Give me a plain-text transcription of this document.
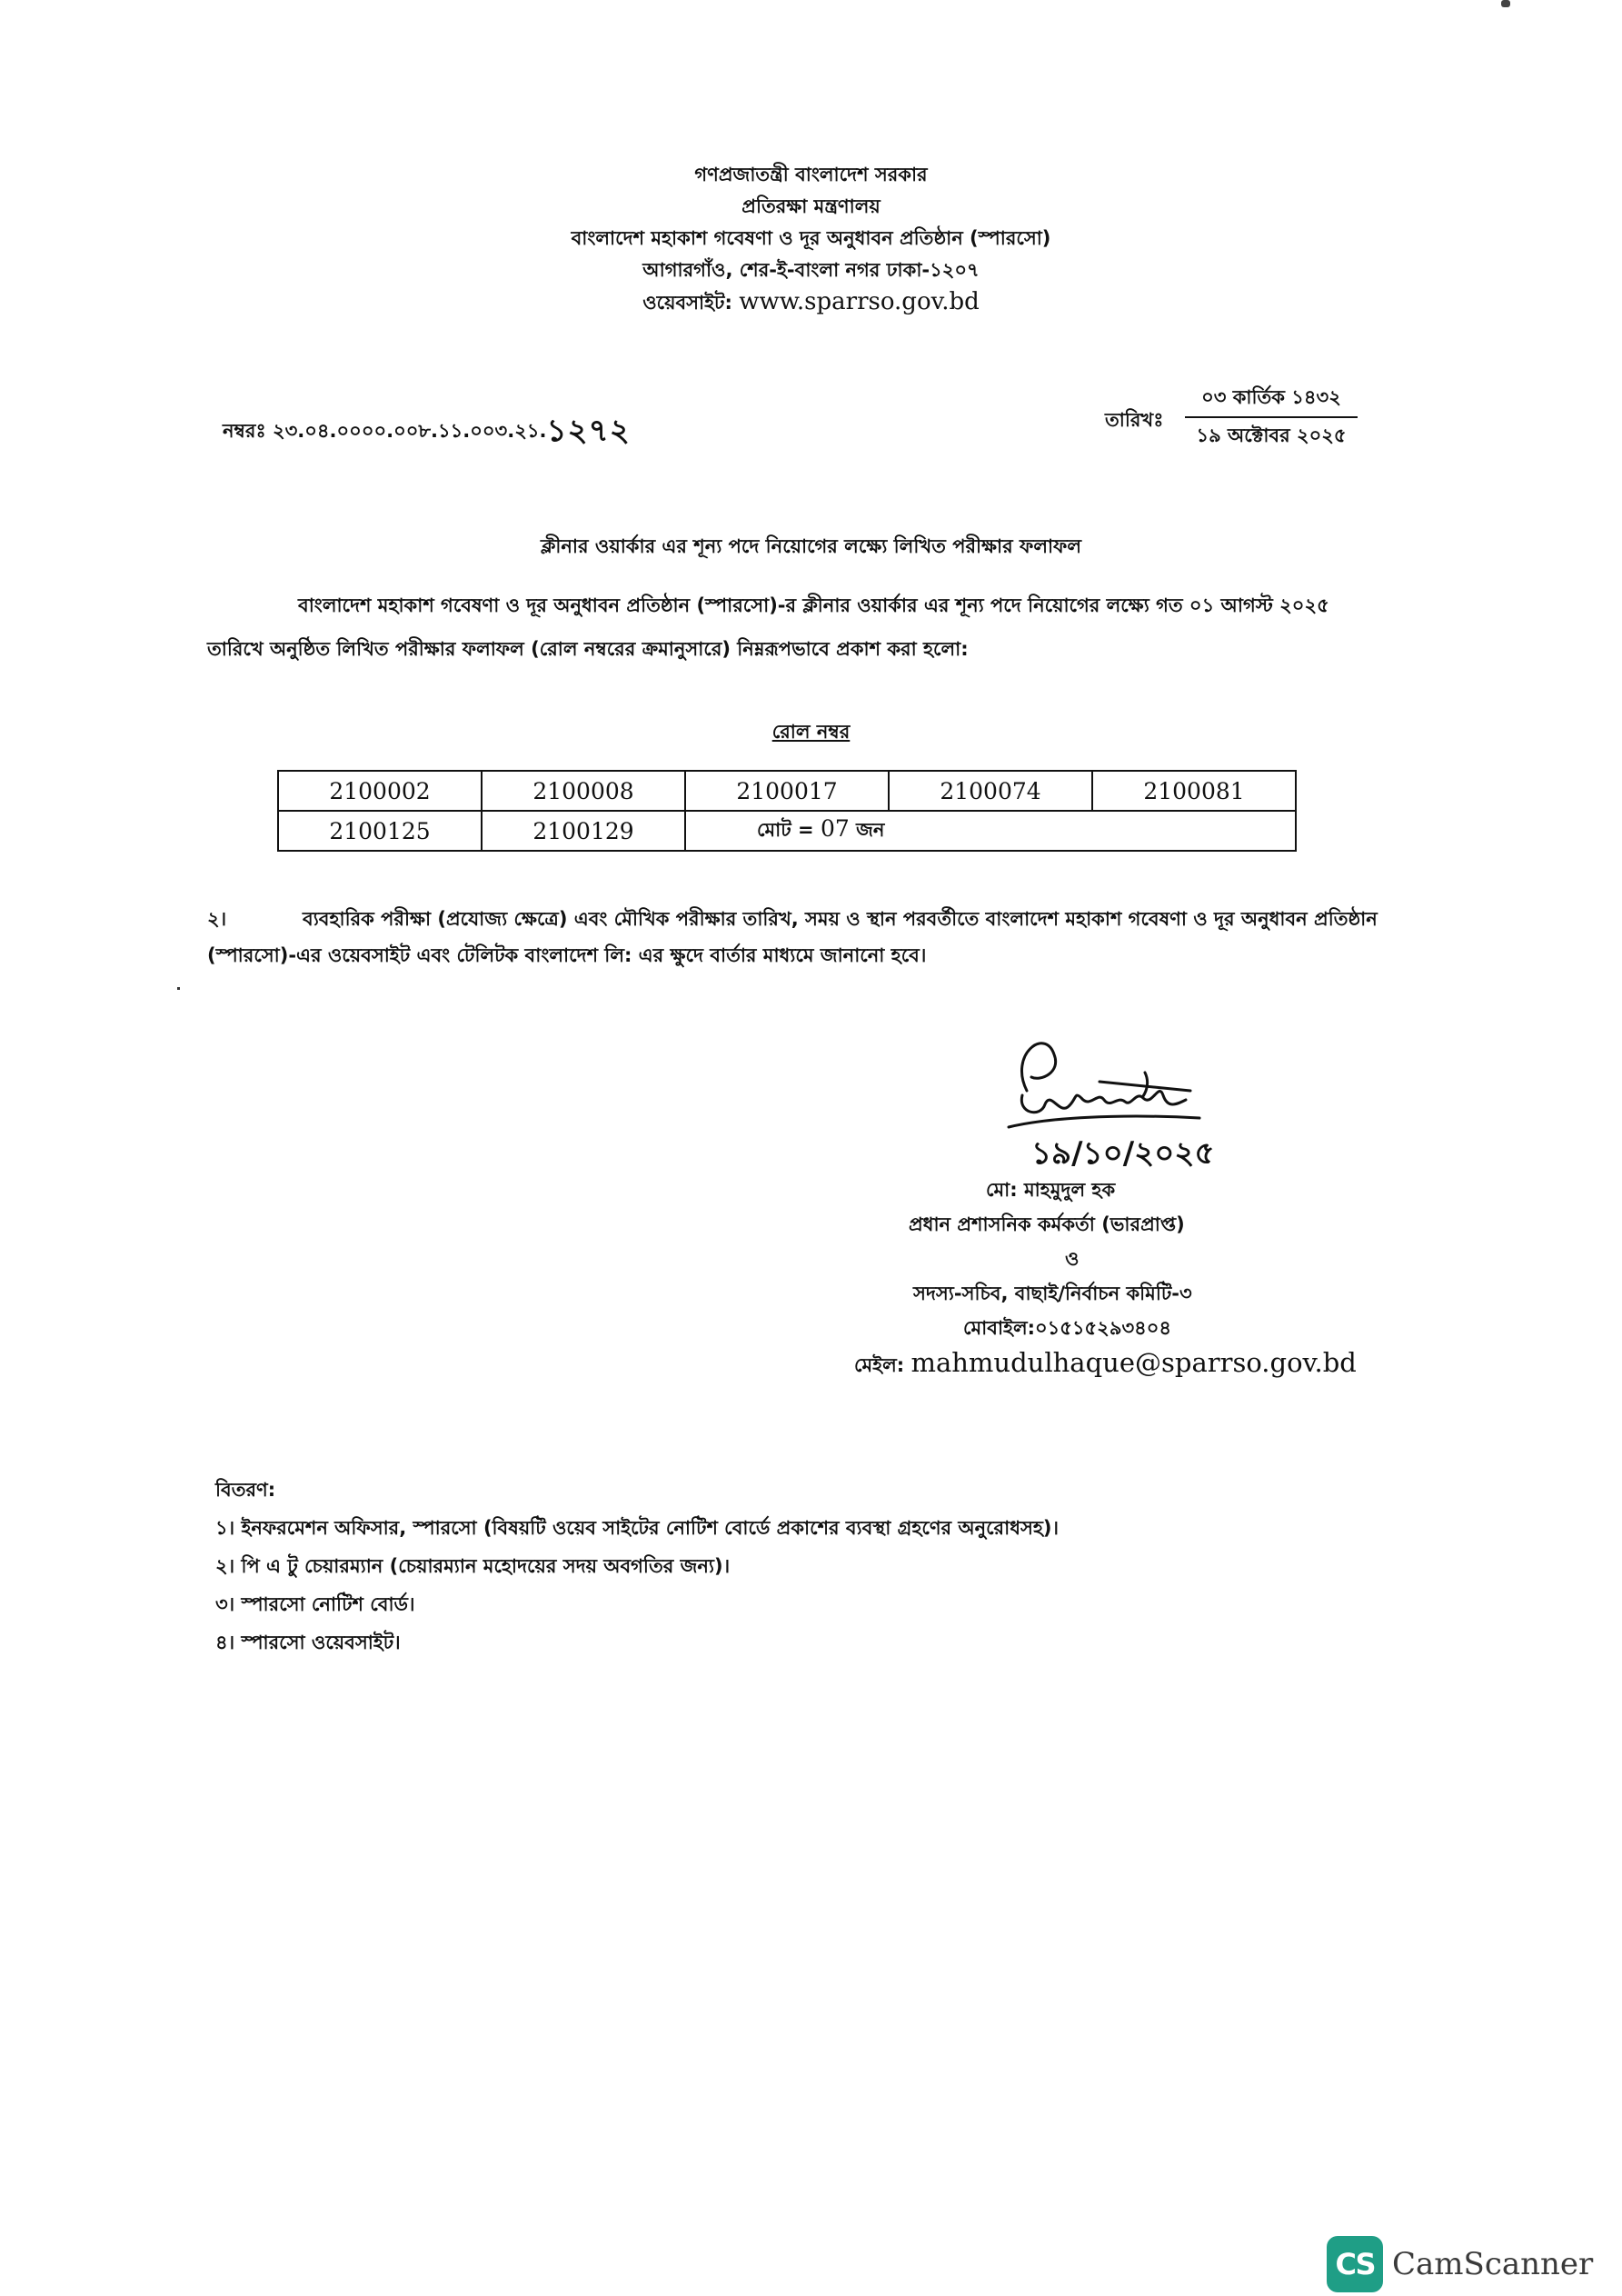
গণপ্রজাতন্ত্রী বাংলাদেশ সরকার
প্রতিরক্ষা মন্ত্রণালয়
বাংলাদেশ মহাকাশ গবেষণা ও দূর অনুধাবন প্রতিষ্ঠান (স্পারসো)
আগারগাঁও, শের-ই-বাংলা নগর ঢাকা-১২০৭
ওয়েবসাইট: www.sparrso.gov.bd
নম্বরঃ ২৩.০৪.০০০০.০০৮.১১.০০৩.২১.১২৭২	তারিখঃ
০৩ কার্তিক ১৪৩২
১৯ অক্টোবর ২০২৫
ক্লীনার ওয়ার্কার এর শূন্য পদে নিয়োগের লক্ষ্যে লিখিত পরীক্ষার ফলাফল
বাংলাদেশ মহাকাশ গবেষণা ও দূর অনুধাবন প্রতিষ্ঠান (স্পারসো)-র ক্লীনার ওয়ার্কার এর শূন্য পদে নিয়োগের লক্ষ্যে গত ০১ আগস্ট ২০২৫ তারিখে অনুষ্ঠিত লিখিত পরীক্ষার ফলাফল (রোল নম্বরের ক্রমানুসারে) নিম্নরূপভাবে প্রকাশ করা হলো:
রোল নম্বর
2100002	2100008	2100017	2100074	2100081
2100125	2100129	মোট = 07 জন		
২।	ব্যবহারিক পরীক্ষা (প্রযোজ্য ক্ষেত্রে) এবং মৌখিক পরীক্ষার তারিখ, সময় ও স্থান পরবর্তীতে বাংলাদেশ মহাকাশ গবেষণা ও দূর অনুধাবন প্রতিষ্ঠান (স্পারসো)-এর ওয়েবসাইট এবং টেলিটক বাংলাদেশ লি: এর ক্ষুদে বার্তার মাধ্যমে জানানো হবে।
১৯/১০/২০২৫
মো: মাহমুদুল হক
প্রধান প্রশাসনিক কর্মকর্তা (ভারপ্রাপ্ত)
ও
সদস্য-সচিব, বাছাই/নির্বাচন কমিটি-৩
মোবাইল:০১৫১৫২৯৩৪০৪
মেইল: mahmudulhaque@sparrso.gov.bd
বিতরণ:
১। ইনফরমেশন অফিসার, স্পারসো (বিষয়টি ওয়েব সাইটের নোটিশ বোর্ডে প্রকাশের ব্যবস্থা গ্রহণের অনুরোধসহ)।
২। পি এ টু চেয়ারম্যান (চেয়ারম্যান মহোদয়ের সদয় অবগতির জন্য)।
৩। স্পারসো নোটিশ বোর্ড।
৪। স্পারসো ওয়েবসাইট।
CS CamScanner
